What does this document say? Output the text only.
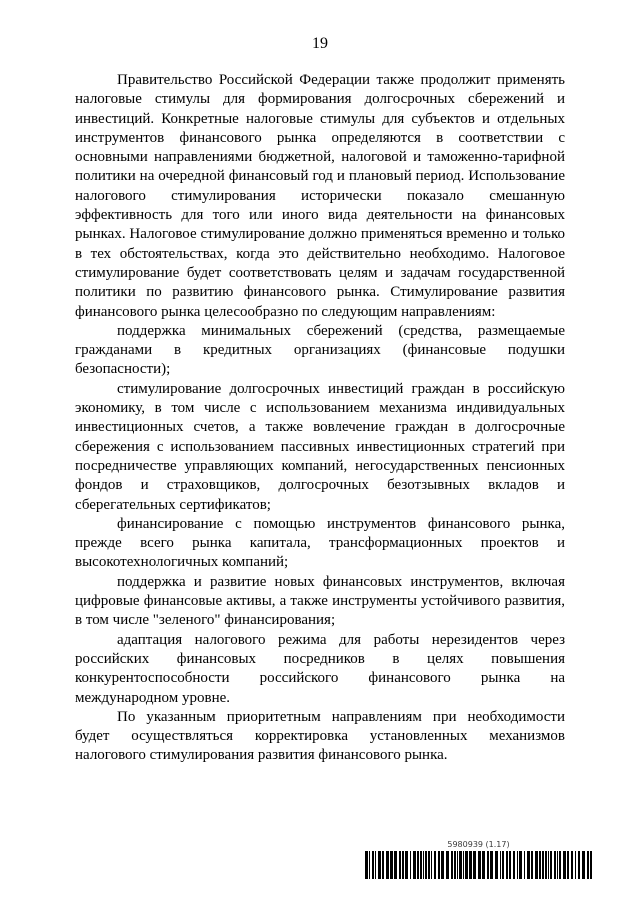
19

Правительство Российской Федерации также продолжит применять налоговые стимулы для формирования долгосрочных сбережений и инвестиций. Конкретные налоговые стимулы для субъектов и отдельных инструментов финансового рынка определяются в соответствии с основными направлениями бюджетной, налоговой и таможенно-тарифной политики на очередной финансовый год и плановый период. Использование налогового стимулирования исторически показало смешанную эффективность для того или иного вида деятельности на финансовых рынках. Налоговое стимулирование должно применяться временно и только в тех обстоятельствах, когда это действительно необходимо. Налоговое стимулирование будет соответствовать целям и задачам государственной политики по развитию финансового рынка. Стимулирование развития финансового рынка целесообразно по следующим направлениям:

поддержка минимальных сбережений (средства, размещаемые гражданами в кредитных организациях (финансовые подушки безопасности);

стимулирование долгосрочных инвестиций граждан в российскую экономику, в том числе с использованием механизма индивидуальных инвестиционных счетов, а также вовлечение граждан в долгосрочные сбережения с использованием пассивных инвестиционных стратегий при посредничестве управляющих компаний, негосударственных пенсионных фондов и страховщиков, долгосрочных безотзывных вкладов и сберегательных сертификатов;

финансирование с помощью инструментов финансового рынка, прежде всего рынка капитала, трансформационных проектов и высокотехнологичных компаний;

поддержка и развитие новых финансовых инструментов, включая цифровые финансовые активы, а также инструменты устойчивого развития, в том числе "зеленого" финансирования;

адаптация налогового режима для работы нерезидентов через российских финансовых посредников в целях повышения конкурентоспособности российского финансового рынка на международном уровне.

По указанным приоритетным направлениям при необходимости будет осуществляться корректировка установленных механизмов налогового стимулирования развития финансового рынка.

5980939 (1.17)
